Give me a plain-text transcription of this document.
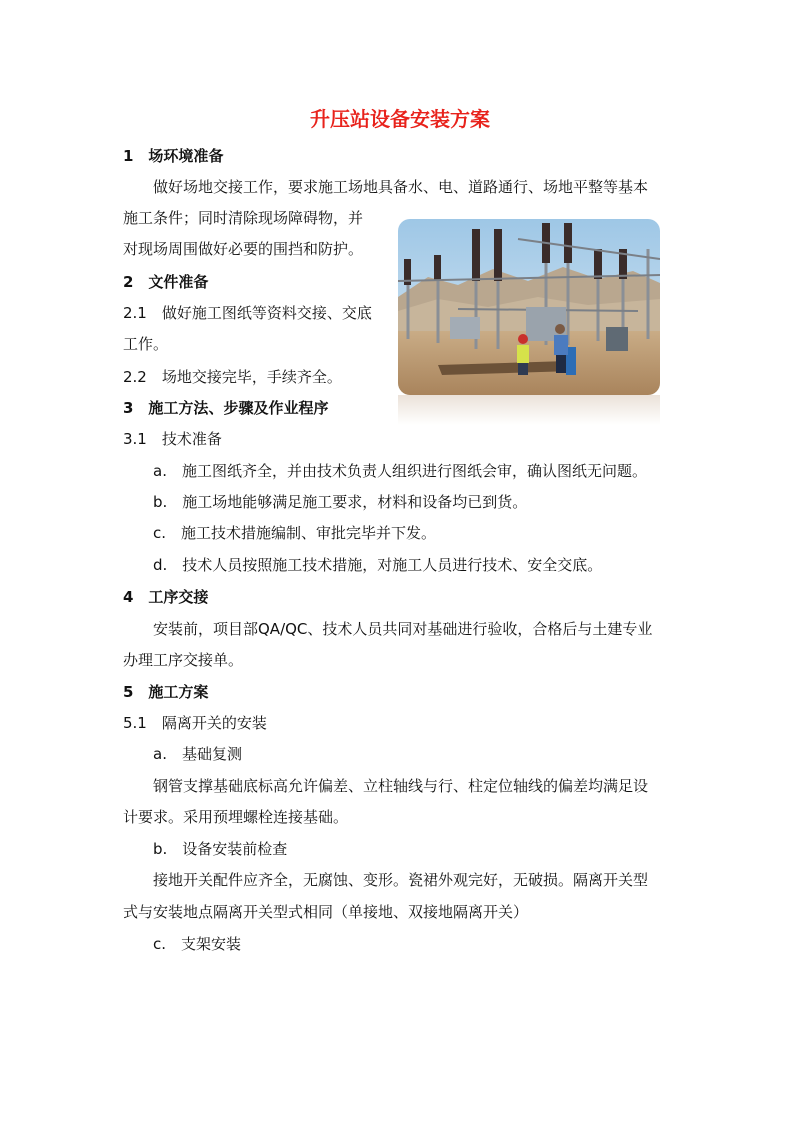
升压站设备安装方案
1　场环境准备
做好场地交接工作，要求施工场地具备水、电、道路通行、场地平整等基本
施工条件；同时清除现场障碍物，并
对现场周围做好必要的围挡和防护。
2　文件准备
2.1　做好施工图纸等资料交接、交底
工作。
2.2　场地交接完毕，手续齐全。
3　施工方法、步骤及作业程序
3.1　技术准备
a.　施工图纸齐全，并由技术负责人组织进行图纸会审，确认图纸无问题。
b.　施工场地能够满足施工要求，材料和设备均已到货。
c.　施工技术措施编制、审批完毕并下发。
d.　技术人员按照施工技术措施，对施工人员进行技术、安全交底。
4　工序交接
安装前，项目部QA/QC、技术人员共同对基础进行验收，合格后与土建专业
办理工序交接单。
5　施工方案
5.1　隔离开关的安装
a.　基础复测
钢管支撑基础底标高允许偏差、立柱轴线与行、柱定位轴线的偏差均满足设
计要求。采用预埋螺栓连接基础。
b.　设备安装前检查
接地开关配件应齐全，无腐蚀、变形。瓷裙外观完好，无破损。隔离开关型
式与安装地点隔离开关型式相同（单接地、双接地隔离开关）
c.　支架安装
